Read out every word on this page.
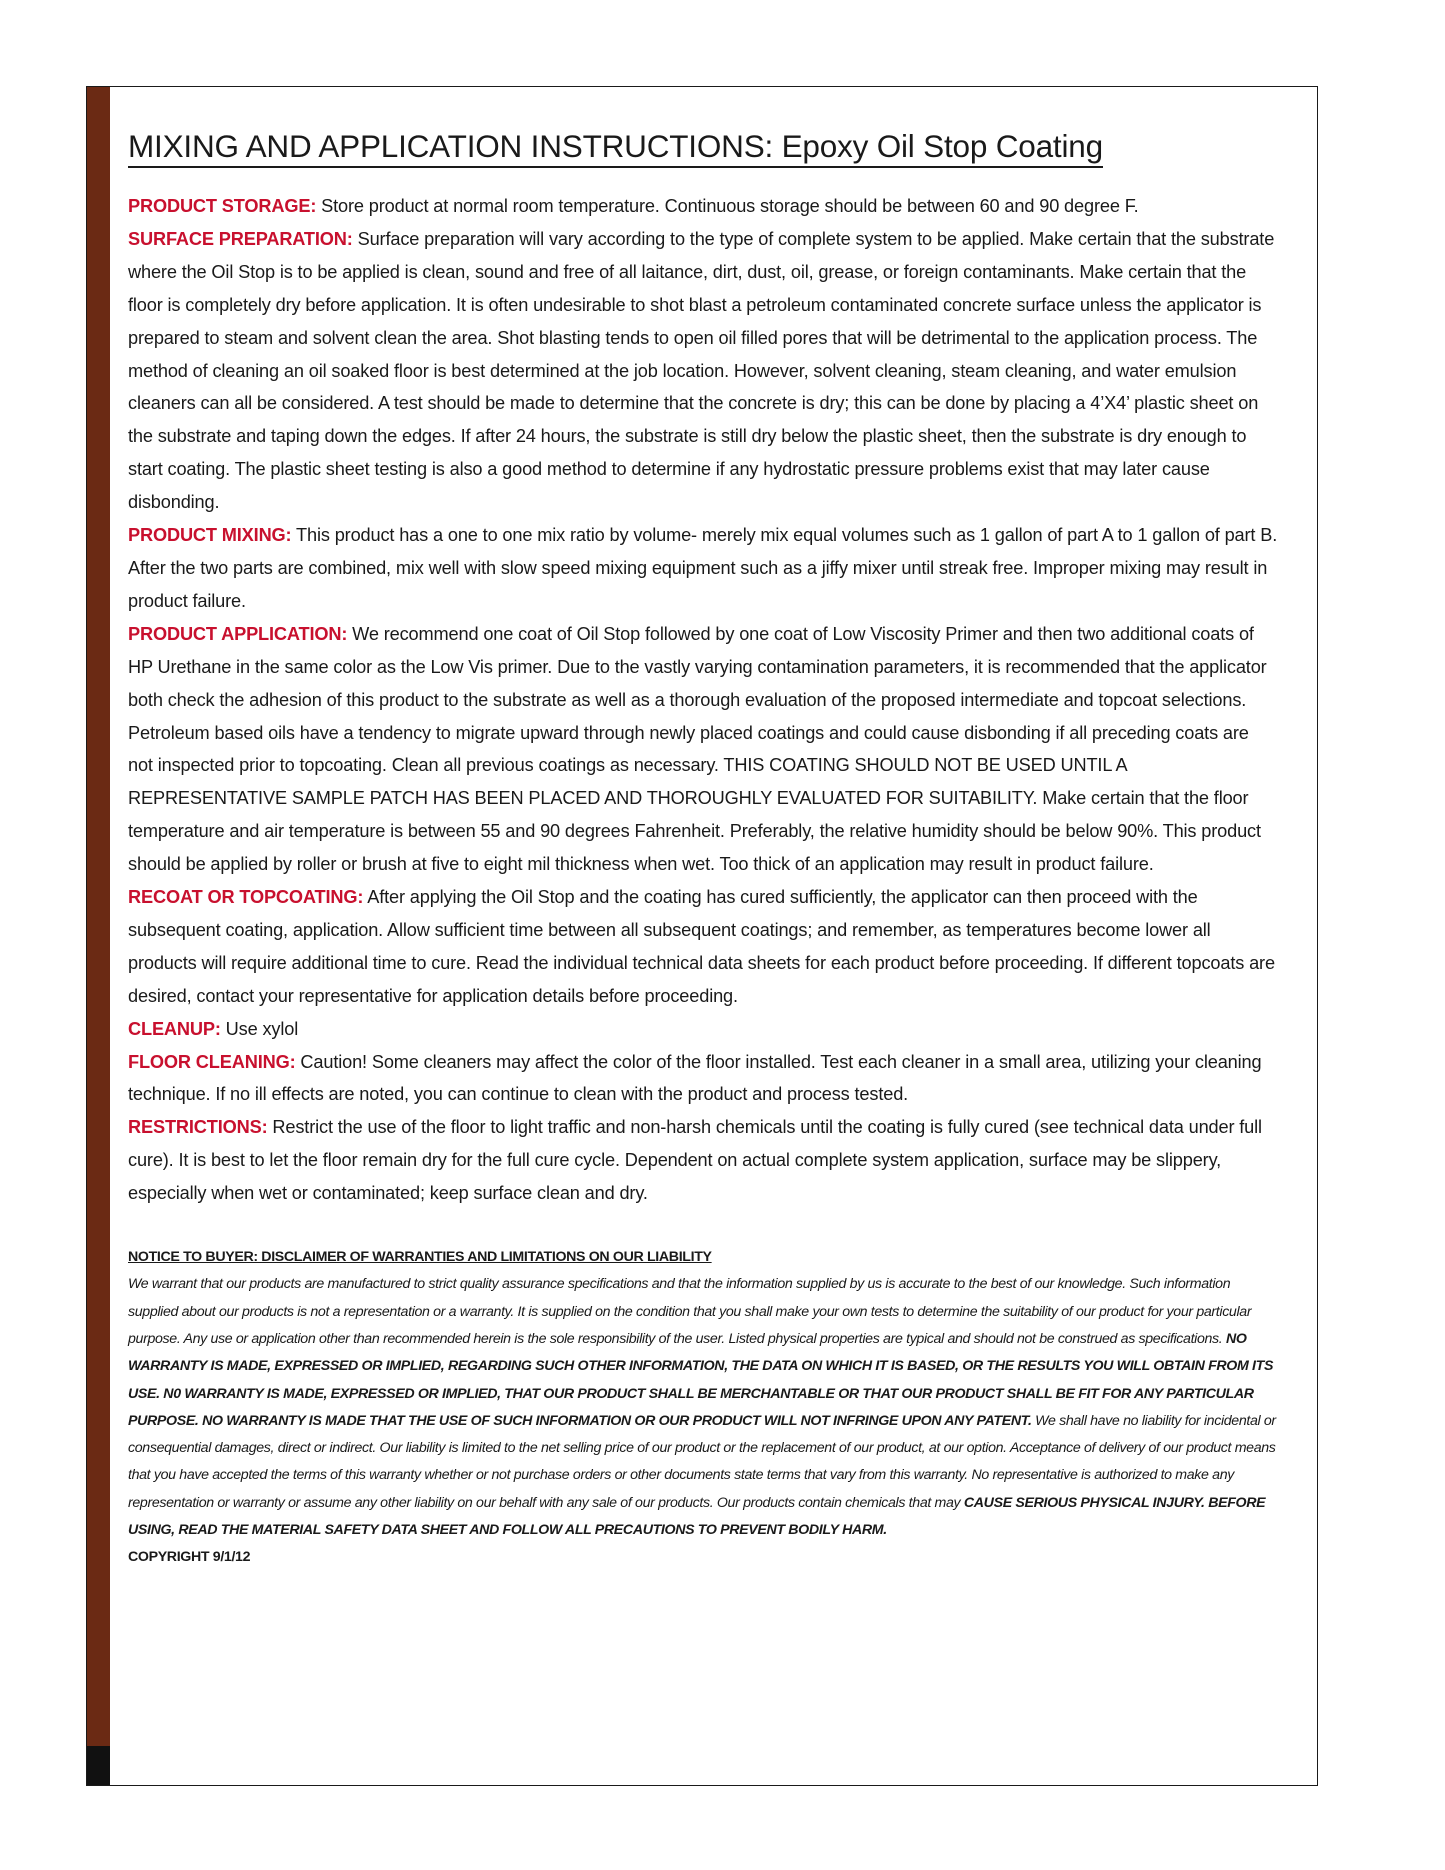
MIXING AND APPLICATION INSTRUCTIONS: Epoxy Oil Stop Coating

PRODUCT STORAGE: Store product at normal room temperature. Continuous storage should be between 60 and 90 degree F.

SURFACE PREPARATION: Surface preparation will vary according to the type of complete system to be applied. Make certain that the substrate where the Oil Stop is to be applied is clean, sound and free of all laitance, dirt, dust, oil, grease, or foreign contaminants. Make certain that the floor is completely dry before application. It is often undesirable to shot blast a petroleum contaminated concrete surface unless the applicator is prepared to steam and solvent clean the area. Shot blasting tends to open oil filled pores that will be detrimental to the application process. The method of cleaning an oil soaked floor is best determined at the job location. However, solvent cleaning, steam cleaning, and water emulsion cleaners can all be considered. A test should be made to determine that the concrete is dry; this can be done by placing a 4’X4’ plastic sheet on the substrate and taping down the edges. If after 24 hours, the substrate is still dry below the plastic sheet, then the substrate is dry enough to start coating. The plastic sheet testing is also a good method to determine if any hydrostatic pressure problems exist that may later cause disbonding.

PRODUCT MIXING: This product has a one to one mix ratio by volume- merely mix equal volumes such as 1 gallon of part A to 1 gallon of part B. After the two parts are combined, mix well with slow speed mixing equipment such as a jiffy mixer until streak free. Improper mixing may result in product failure.

PRODUCT APPLICATION: We recommend one coat of Oil Stop followed by one coat of Low Viscosity Primer and then two additional coats of HP Urethane in the same color as the Low Vis primer. Due to the vastly varying contamination parameters, it is recommended that the applicator both check the adhesion of this product to the substrate as well as a thorough evaluation of the proposed intermediate and topcoat selections. Petroleum based oils have a tendency to migrate upward through newly placed coatings and could cause disbonding if all preceding coats are not inspected prior to topcoating. Clean all previous coatings as necessary. THIS COATING SHOULD NOT BE USED UNTIL A REPRESENTATIVE SAMPLE PATCH HAS BEEN PLACED AND THOROUGHLY EVALUATED FOR SUITABILITY. Make certain that the floor temperature and air temperature is between 55 and 90 degrees Fahrenheit. Preferably, the relative humidity should be below 90%. This product should be applied by roller or brush at five to eight mil thickness when wet. Too thick of an application may result in product failure.

RECOAT OR TOPCOATING: After applying the Oil Stop and the coating has cured sufficiently, the applicator can then proceed with the subsequent coating, application. Allow sufficient time between all subsequent coatings; and remember, as temperatures become lower all products will require additional time to cure. Read the individual technical data sheets for each product before proceeding. If different topcoats are desired, contact your representative for application details before proceeding.

CLEANUP: Use xylol

FLOOR CLEANING: Caution! Some cleaners may affect the color of the floor installed. Test each cleaner in a small area, utilizing your cleaning technique. If no ill effects are noted, you can continue to clean with the product and process tested.

RESTRICTIONS: Restrict the use of the floor to light traffic and non-harsh chemicals until the coating is fully cured (see technical data under full cure). It is best to let the floor remain dry for the full cure cycle. Dependent on actual complete system application, surface may be slippery, especially when wet or contaminated; keep surface clean and dry.

NOTICE TO BUYER: DISCLAIMER OF WARRANTIES AND LIMITATIONS ON OUR LIABILITY
We warrant that our products are manufactured to strict quality assurance specifications and that the information supplied by us is accurate to the best of our knowledge. Such information supplied about our products is not a representation or a warranty. It is supplied on the condition that you shall make your own tests to determine the suitability of our product for your particular purpose. Any use or application other than recommended herein is the sole responsibility of the user. Listed physical properties are typical and should not be construed as specifications. NO WARRANTY IS MADE, EXPRESSED OR IMPLIED, REGARDING SUCH OTHER INFORMATION, THE DATA ON WHICH IT IS BASED, OR THE RESULTS YOU WILL OBTAIN FROM ITS USE. N0 WARRANTY IS MADE, EXPRESSED OR IMPLIED, THAT OUR PRODUCT SHALL BE MERCHANTABLE OR THAT OUR PRODUCT SHALL BE FIT FOR ANY PARTICULAR PURPOSE. NO WARRANTY IS MADE THAT THE USE OF SUCH INFORMATION OR OUR PRODUCT WILL NOT INFRINGE UPON ANY PATENT. We shall have no liability for incidental or consequential damages, direct or indirect. Our liability is limited to the net selling price of our product or the replacement of our product, at our option. Acceptance of delivery of our product means that you have accepted the terms of this warranty whether or not purchase orders or other documents state terms that vary from this warranty. No representative is authorized to make any representation or warranty or assume any other liability on our behalf with any sale of our products. Our products contain chemicals that may CAUSE SERIOUS PHYSICAL INJURY. BEFORE USING, READ THE MATERIAL SAFETY DATA SHEET AND FOLLOW ALL PRECAUTIONS TO PREVENT BODILY HARM.
COPYRIGHT 9/1/12
